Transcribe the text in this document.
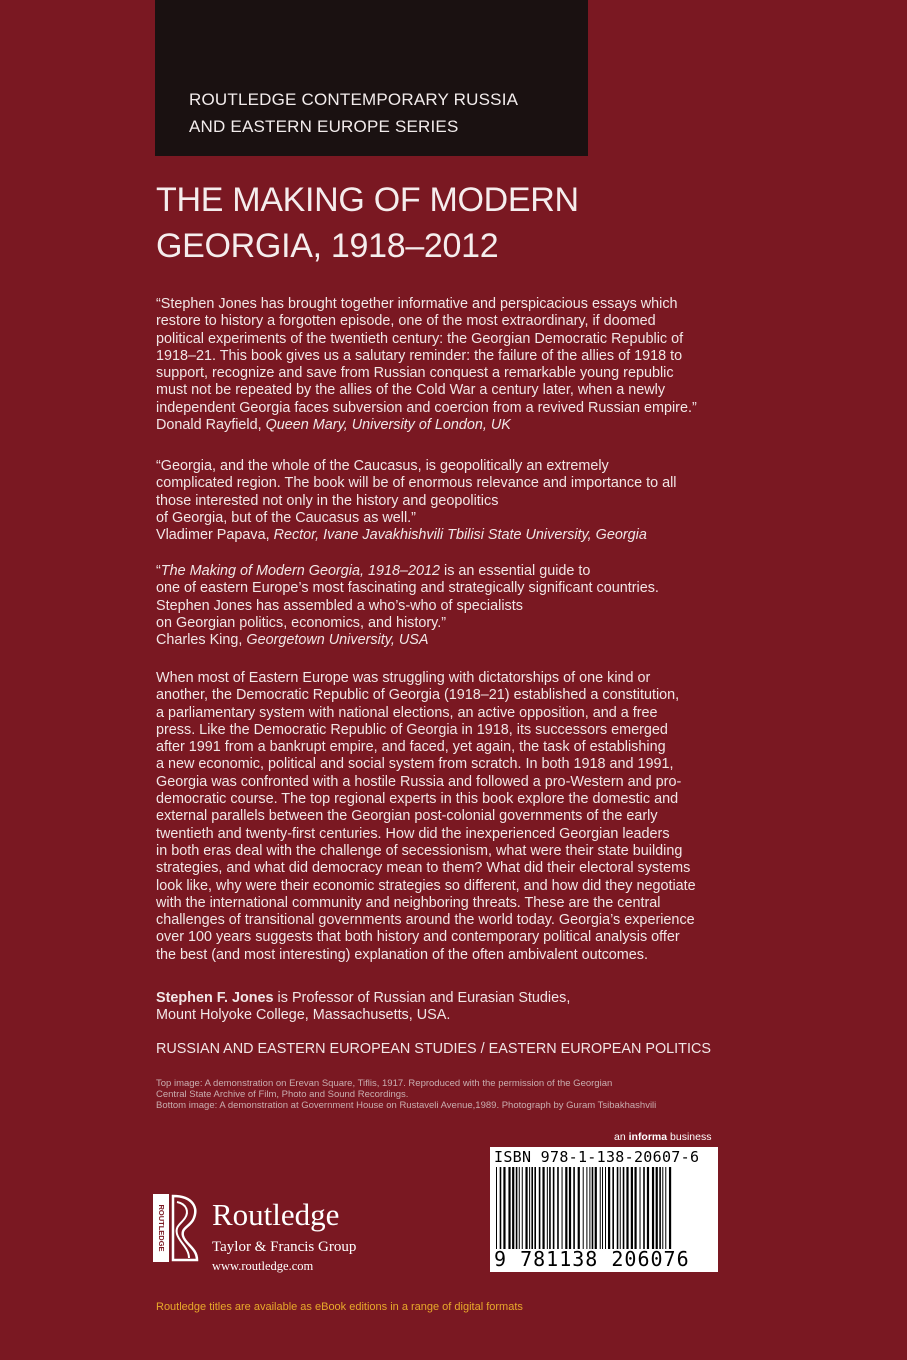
ROUTLEDGE CONTEMPORARY RUSSIA
AND EASTERN EUROPE SERIES
THE MAKING OF MODERN
GEORGIA, 1918–2012
“Stephen Jones has brought together informative and perspicacious essays which
restore to history a forgotten episode, one of the most extraordinary, if doomed
political experiments of the twentieth century: the Georgian Democratic Republic of
1918–21. This book gives us a salutary reminder: the failure of the allies of 1918 to
support, recognize and save from Russian conquest a remarkable young republic
must not be repeated by the allies of the Cold War a century later, when a newly
independent Georgia faces subversion and coercion from a revived Russian empire.”
Donald Rayfield, Queen Mary, University of London, UK
“Georgia, and the whole of the Caucasus, is geopolitically an extremely
complicated region. The book will be of enormous relevance and importance to all
those interested not only in the history and geopolitics
of Georgia, but of the Caucasus as well.”
Vladimer Papava, Rector, Ivane Javakhishvili Tbilisi State University, Georgia
“The Making of Modern Georgia, 1918–2012 is an essential guide to
one of eastern Europe’s most fascinating and strategically significant countries.
Stephen Jones has assembled a who’s-who of specialists
on Georgian politics, economics, and history.”
Charles King, Georgetown University, USA
When most of Eastern Europe was struggling with dictatorships of one kind or
another, the Democratic Republic of Georgia (1918–21) established a constitution,
a parliamentary system with national elections, an active opposition, and a free
press. Like the Democratic Republic of Georgia in 1918, its successors emerged
after 1991 from a bankrupt empire, and faced, yet again, the task of establishing
a new economic, political and social system from scratch. In both 1918 and 1991,
Georgia was confronted with a hostile Russia and followed a pro-Western and pro-
democratic course. The top regional experts in this book explore the domestic and
external parallels between the Georgian post-colonial governments of the early
twentieth and twenty-first centuries. How did the inexperienced Georgian leaders
in both eras deal with the challenge of secessionism, what were their state building
strategies, and what did democracy mean to them? What did their electoral systems
look like, why were their economic strategies so different, and how did they negotiate
with the international community and neighboring threats. These are the central
challenges of transitional governments around the world today. Georgia’s experience
over 100 years suggests that both history and contemporary political analysis offer
the best (and most interesting) explanation of the often ambivalent outcomes.
Stephen F. Jones is Professor of Russian and Eurasian Studies,
Mount Holyoke College, Massachusetts, USA.
RUSSIAN AND EASTERN EUROPEAN STUDIES / EASTERN EUROPEAN POLITICS
Top image: A demonstration on Erevan Square, Tiflis, 1917. Reproduced with the permission of the Georgian
Central State Archive of Film, Photo and Sound Recordings.
Bottom image: A demonstration at Government House on Rustaveli Avenue,1989. Photograph by Guram Tsibakhashvili
an informa business
ISBN 978-1-138-20607-6
9 781138 206076
ROUTLEDGE Routledge
Taylor & Francis Group
www.routledge.com
Routledge titles are available as eBook editions in a range of digital formats
